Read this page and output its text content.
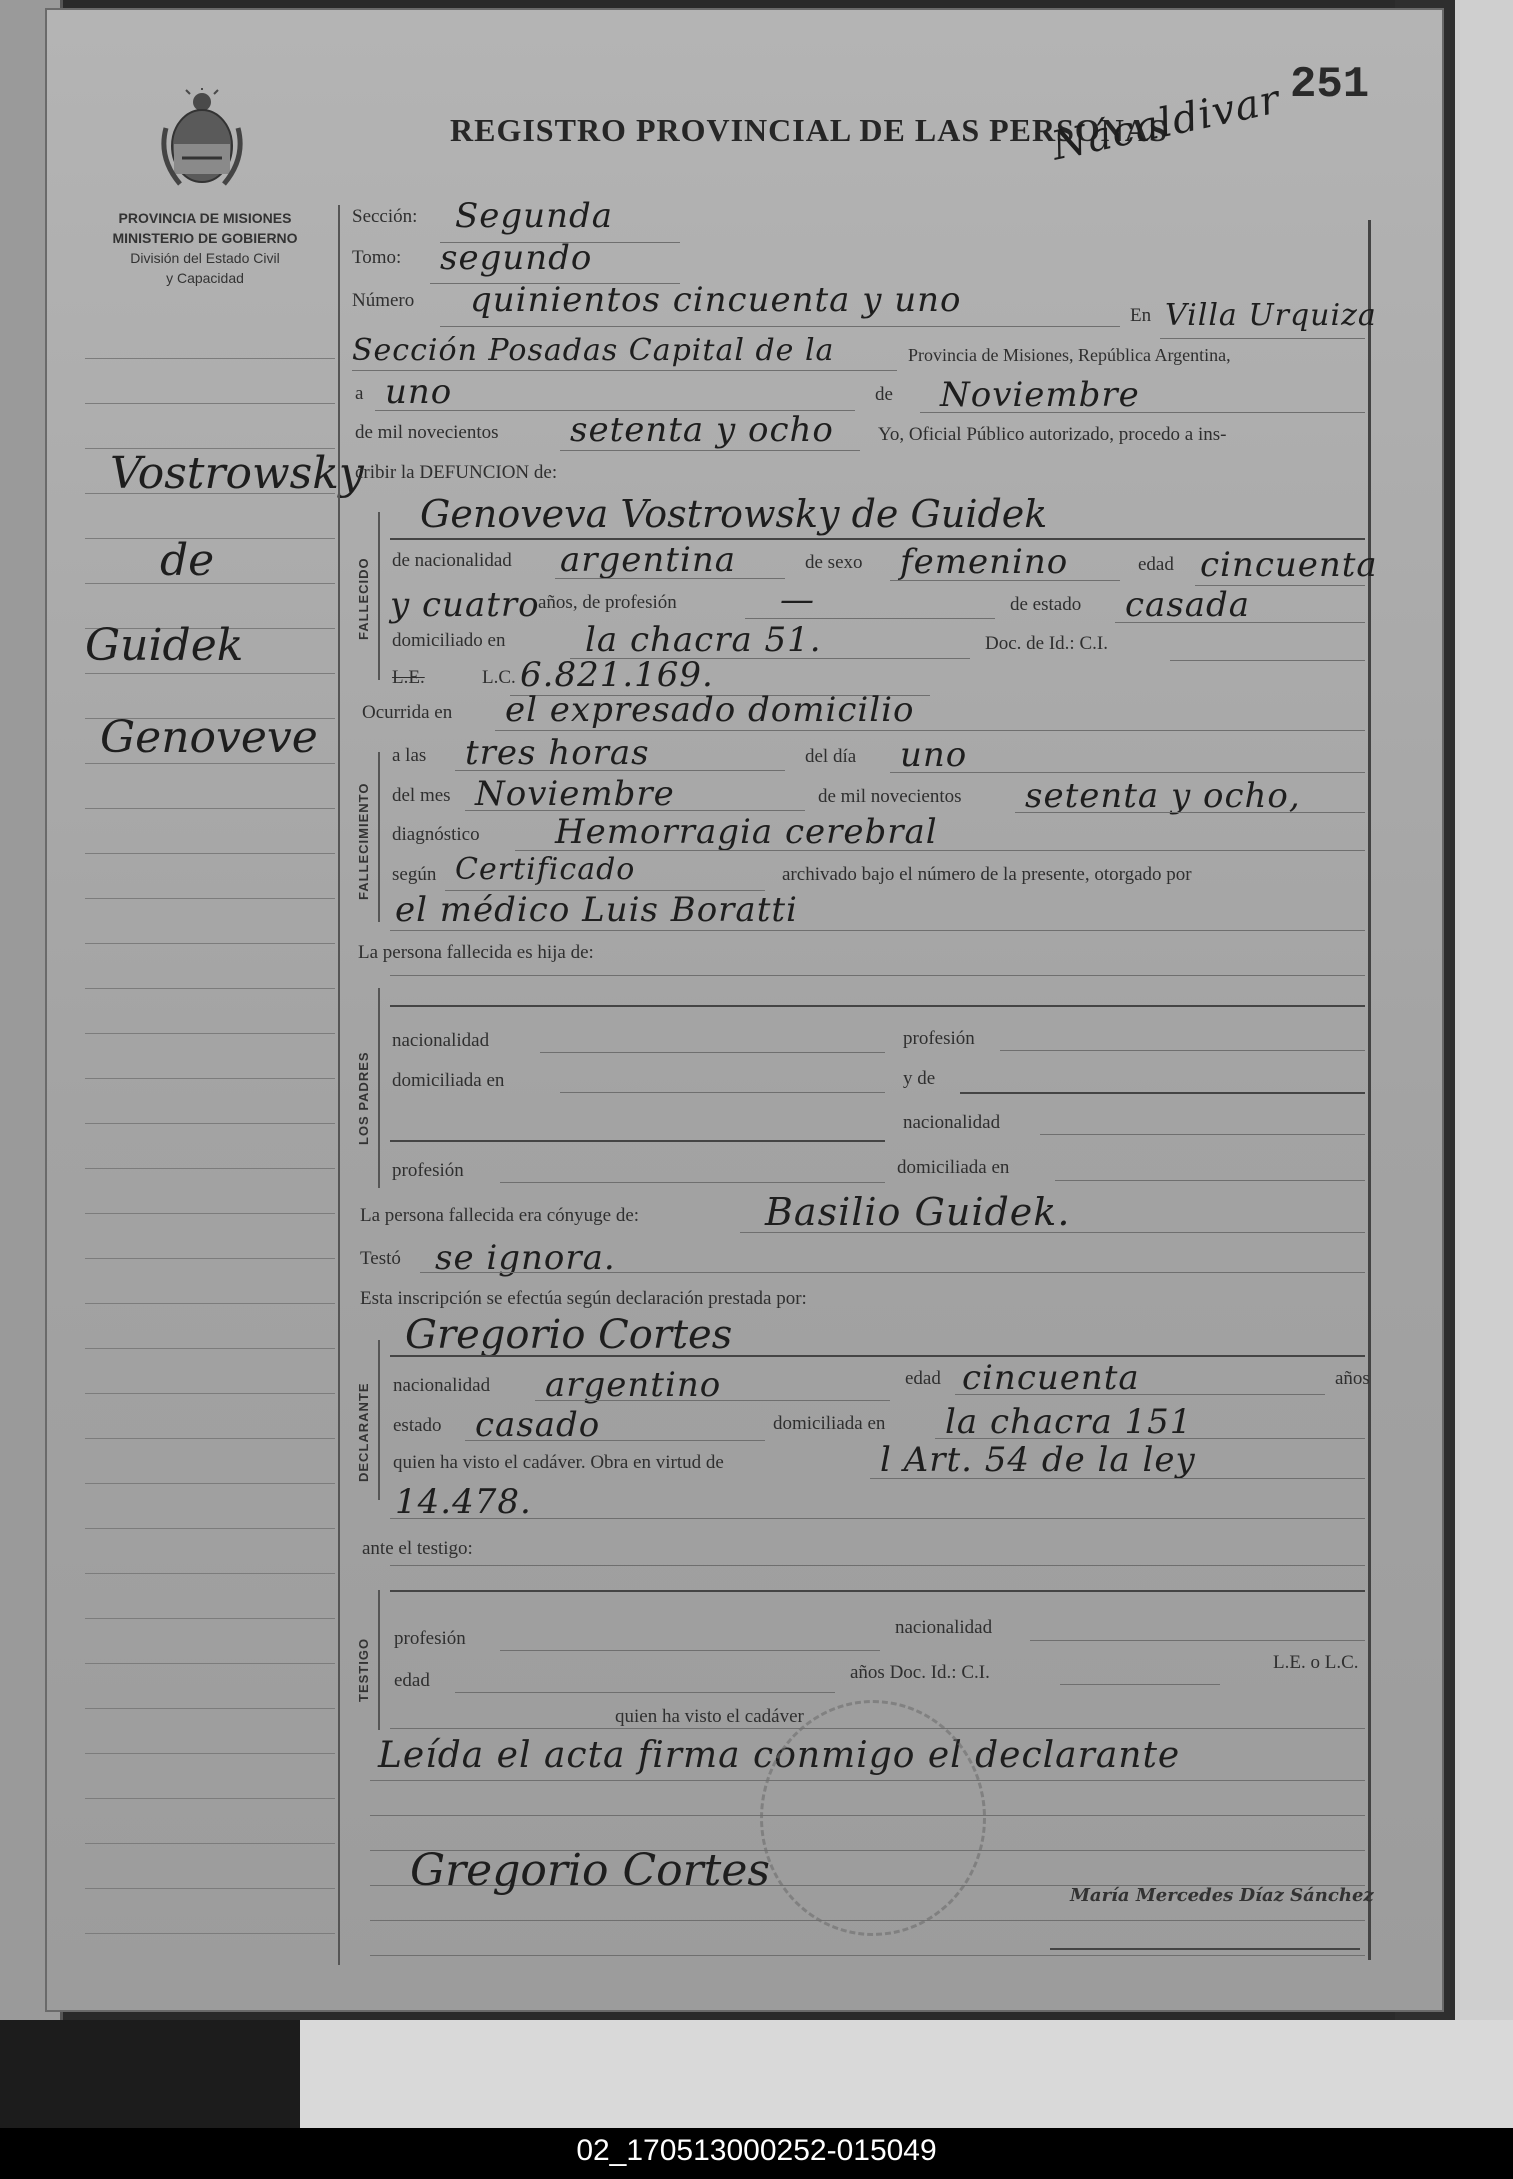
251
PROVINCIA DE MISIONES
MINISTERIO DE GOBIERNO
División del Estado Civil
y Capacidad
REGISTRO PROVINCIAL DE LAS PERSONAS
Nácaldivar
Vostrowsky
de
Guidek
Genoveve
FALLECIDO
FALLECIMIENTO
LOS PADRES
DECLARANTE
TESTIGO
Sección: Segunda
Tomo: segundo
Número quinientos cincuenta y uno	En Villa Urquiza
Sección Posadas Capital de la	Provincia de Misiones, República Argentina,
a uno	de Noviembre
de mil novecientos setenta y ocho Yo, Oficial Público autorizado, procedo a ins-
cribir la DEFUNCION de:
Genoveva Vostrowsky de Guidek
de nacionalidad argentina	de sexo femenino	edad cincuenta
y cuatro
años, de profesión	—	de estado casada
domiciliado en la chacra 51.	Doc. de Id.: C.I.
L.E.	L.C. 6.821.169.
Ocurrida en el expresado domicilio
a las tres horas	del día uno
del mes Noviembre	de mil novecientos setenta y ocho,
diagnóstico Hemorragia cerebral
según Certificado	archivado bajo el número de la presente, otorgado por
el médico Luis Boratti
La persona fallecida es hija de:
nacionalidad	profesión
domiciliada en	y de
nacionalidad
profesión	domiciliada en
La persona fallecida era cónyuge de:	Basilio Guidek.
Testó se ignora.
Esta inscripción se efectúa según declaración prestada por:
Gregorio Cortes
nacionalidad argentino	edad cincuenta	años
estado casado	domiciliada en la chacra 151
quien ha visto el cadáver. Obra en virtud de	l Art. 54 de la ley
14.478.
ante el testigo:
profesión
nacionalidad
edad	años Doc. Id.: C.I.	L.E. o L.C.
quien ha visto el cadáver
Leída el acta firma conmigo el declarante
Gregorio Cortes	María Mercedes Díaz Sánchez
02_170513000252-015049
